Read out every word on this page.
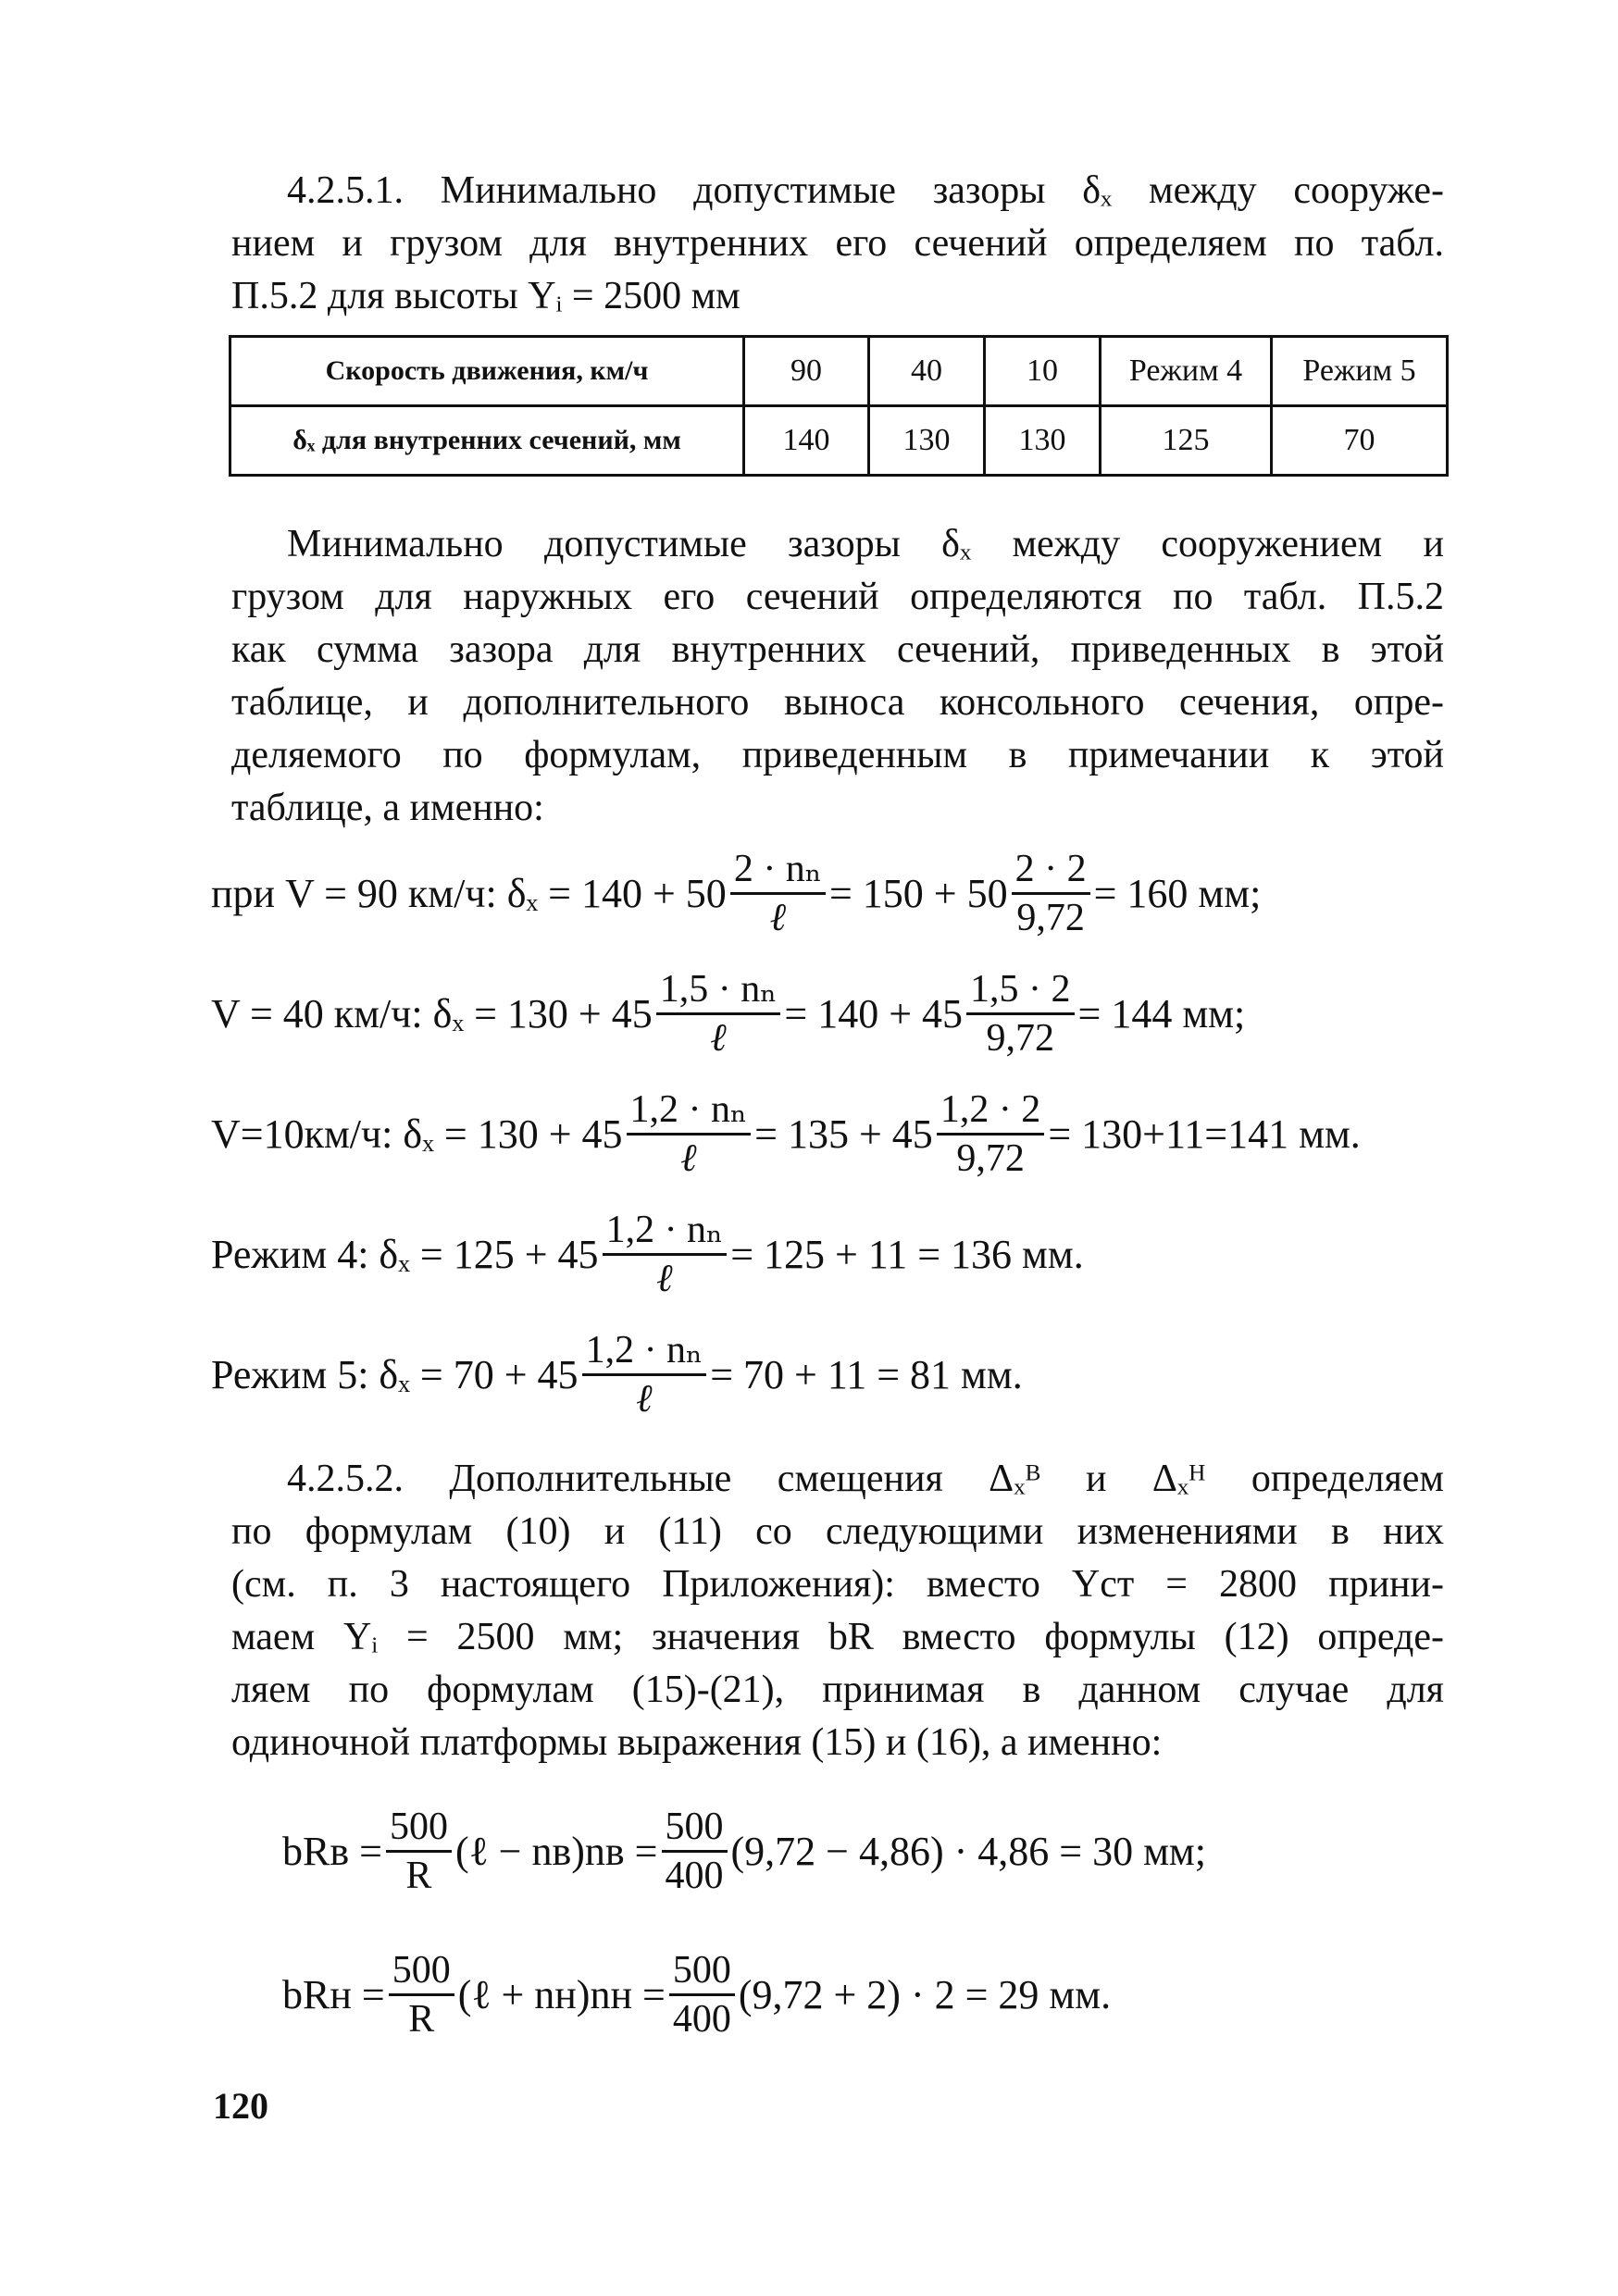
4.2.5.1. Минимально допустимые зазоры δₓ между сооруже-
нием и грузом для внутренних его сечений определяем по табл.
П.5.2 для высоты Yᵢ = 2500 мм
Скорость движения, км/ч	90	40	10	Режим 4	Режим 5
δₓ для внутренних сечений, мм	140	130	130	125	70
Минимально допустимые зазоры δₓ между сооружением и
грузом для наружных его сечений определяются по табл. П.5.2
как сумма зазора для внутренних сечений, приведенных в этой
таблице, и дополнительного выноса консольного сечения, опре-
деляемого по формулам, приведенным в примечании к этой
таблице, а именно:
при V = 90 км/ч: $\delta_x = 140 + 50 \frac{\text{2 · nₙ}}{\text{ℓ}} = 150 + 50 \frac{2 \cdot 2}{9,72} = 160$ мм;
V = 40 км/ч: $\delta_x = 130 + 45 \frac{\text{1,5 · nₙ}}{\text{ℓ}} = 140 + 45 \frac{1,5 \cdot 2}{9,72} = 144$ мм;
V=10км/ч: $\delta_x = 130 + 45 \frac{\text{1,2 · nₙ}}{\text{ℓ}} = 135 + 45 \frac{1,2 \cdot 2}{9,72} = 130+11=141$ мм.
Режим 4: $\delta_x = 125 + 45 \frac{\text{1,2 · nₙ}}{\text{ℓ}} = 125 + 11 = 136$ мм.
Режим 5: $\delta_x = 70 + 45 \frac{\text{1,2 · nₙ}}{\text{ℓ}} = 70 + 11 = 81$ мм.
4.2.5.2. Дополнительные смещения Δₓᴮ и Δₓᴴ определяем
по формулам (10) и (11) со следующими изменениями в них
(см. п. 3 настоящего Приложения): вместо Yст = 2800 прини-
маем Yᵢ = 2500 мм; значения bR вместо формулы (12) опреде-
ляем по формулам (15)-(21), принимая в данном случае для
одиночной платформы выражения (15) и (16), а именно:
bRв = $\frac{500}{R}$ (ℓ − $nв)nв = \frac{500}{400} (9,72 - 4,86) \cdot 4,86 = 30$ мм;
bRн = $\frac{500}{R}$ (ℓ + $nн)nн = \frac{500}{400} (9,72 + 2) \cdot 2 = 29$ мм.
120
